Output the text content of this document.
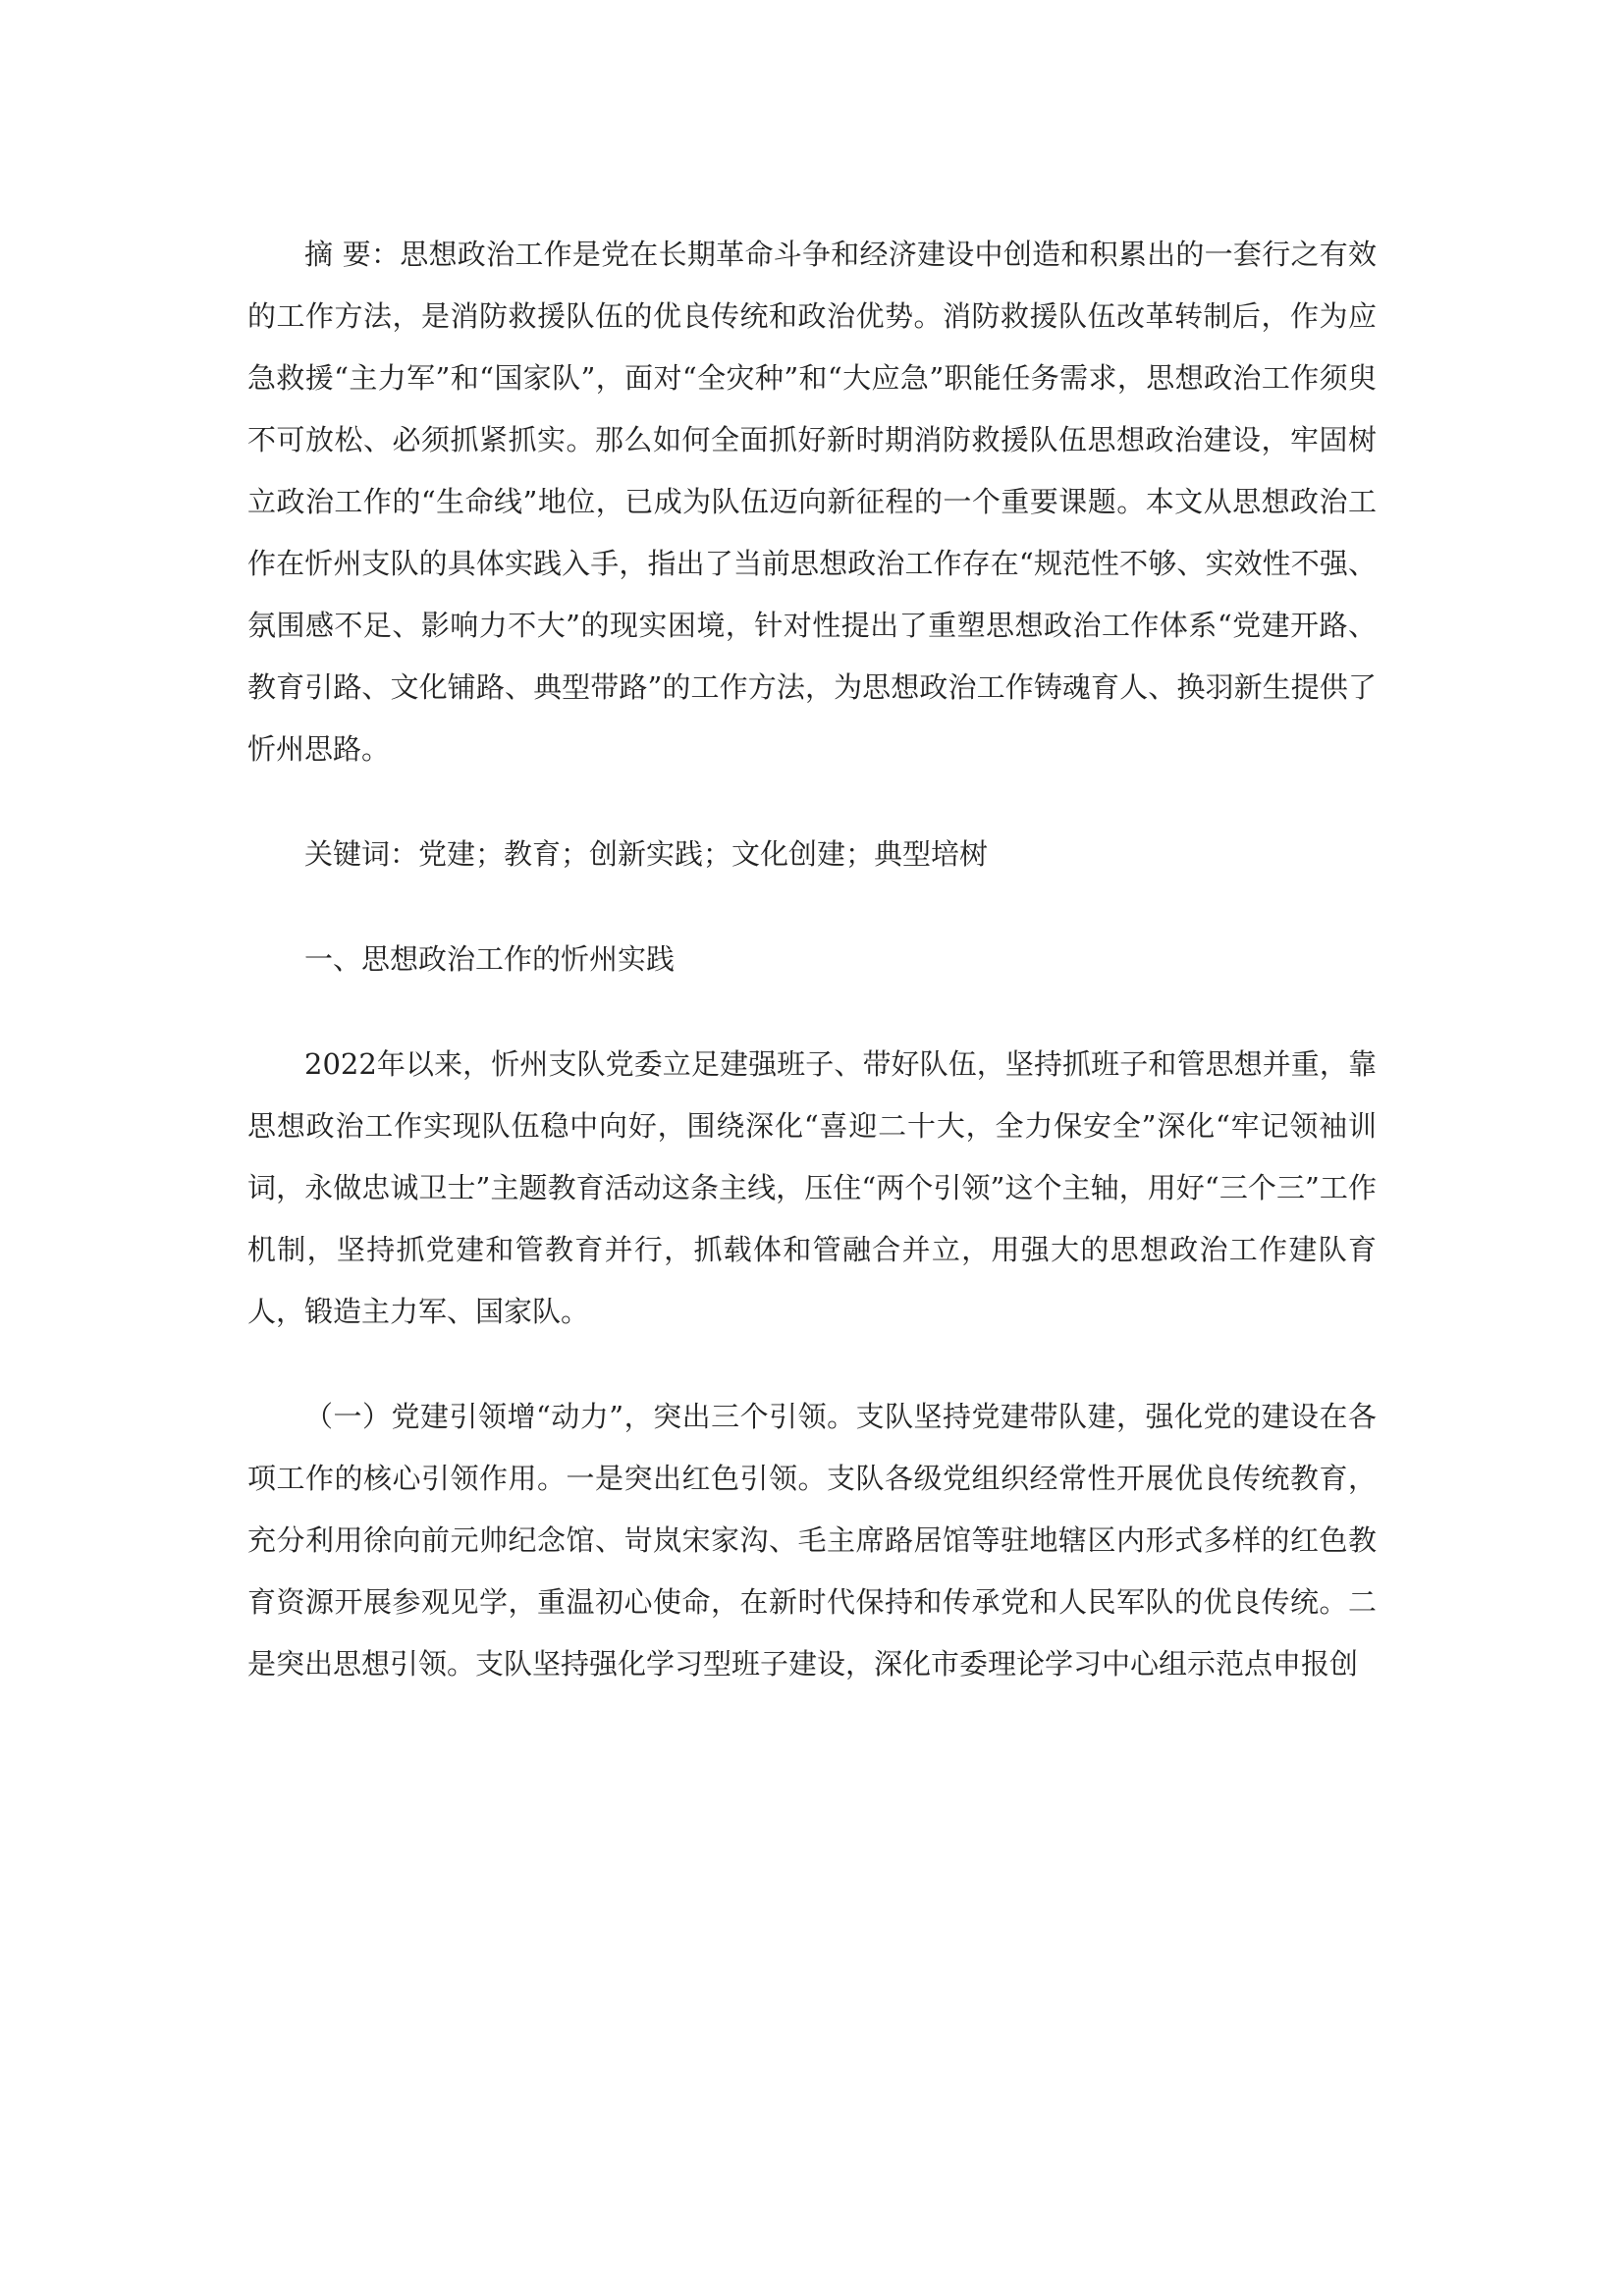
摘 要：思想政治工作是党在长期革命斗争和经济建设中创造和积累出的一套行之有效的工作方法，是消防救援队伍的优良传统和政治优势。消防救援队伍改革转制后，作为应急救援“主力军”和“国家队”，面对“全灾种”和“大应急”职能任务需求，思想政治工作须臾不可放松、必须抓紧抓实。那么如何全面抓好新时期消防救援队伍思想政治建设，牢固树立政治工作的“生命线”地位，已成为队伍迈向新征程的一个重要课题。本文从思想政治工作在忻州支队的具体实践入手，指出了当前思想政治工作存在“规范性不够、实效性不强、氛围感不足、影响力不大”的现实困境，针对性提出了重塑思想政治工作体系“党建开路、教育引路、文化铺路、典型带路”的工作方法，为思想政治工作铸魂育人、换羽新生提供了忻州思路。

关键词：党建；教育；创新实践；文化创建；典型培树

一、思想政治工作的忻州实践

2022年以来，忻州支队党委立足建强班子、带好队伍，坚持抓班子和管思想并重，靠思想政治工作实现队伍稳中向好，围绕深化“喜迎二十大，全力保安全”深化“牢记领袖训词，永做忠诚卫士”主题教育活动这条主线，压住“两个引领”这个主轴，用好“三个三”工作机制，坚持抓党建和管教育并行，抓载体和管融合并立，用强大的思想政治工作建队育人，锻造主力军、国家队。

（一）党建引领增“动力”，突出三个引领。支队坚持党建带队建，强化党的建设在各项工作的核心引领作用。一是突出红色引领。支队各级党组织经常性开展优良传统教育，充分利用徐向前元帅纪念馆、岢岚宋家沟、毛主席路居馆等驻地辖区内形式多样的红色教育资源开展参观见学，重温初心使命，在新时代保持和传承党和人民军队的优良传统。二是突出思想引领。支队坚持强化学习型班子建设，深化市委理论学习中心组示范点申报创
